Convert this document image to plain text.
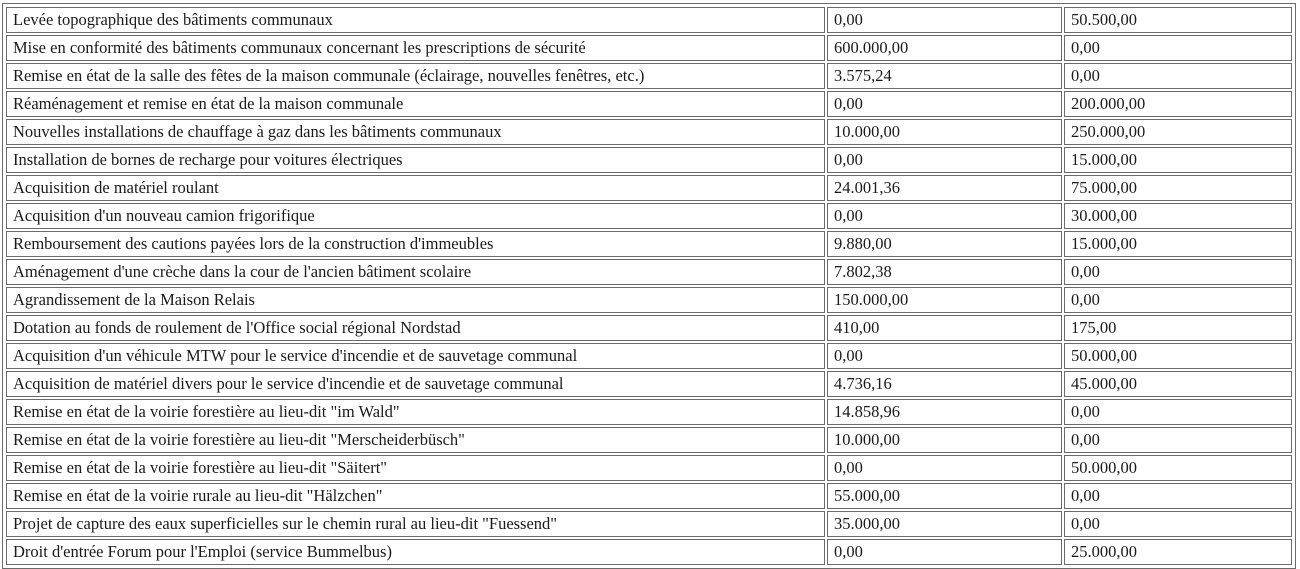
Levée topographique des bâtiments communaux	0,00	50.500,00
Mise en conformité des bâtiments communaux concernant les prescriptions de sécurité	600.000,00	0,00
Remise en état de la salle des fêtes de la maison communale (éclairage, nouvelles fenêtres, etc.)	3.575,24	0,00
Réaménagement et remise en état de la maison communale	0,00	200.000,00
Nouvelles installations de chauffage à gaz dans les bâtiments communaux	10.000,00	250.000,00
Installation de bornes de recharge pour voitures électriques	0,00	15.000,00
Acquisition de matériel roulant	24.001,36	75.000,00
Acquisition d'un nouveau camion frigorifique	0,00	30.000,00
Remboursement des cautions payées lors de la construction d'immeubles	9.880,00	15.000,00
Aménagement d'une crèche dans la cour de l'ancien bâtiment scolaire	7.802,38	0,00
Agrandissement de la Maison Relais	150.000,00	0,00
Dotation au fonds de roulement de l'Office social régional Nordstad	410,00	175,00
Acquisition d'un véhicule MTW pour le service d'incendie et de sauvetage communal	0,00	50.000,00
Acquisition de matériel divers pour le service d'incendie et de sauvetage communal	4.736,16	45.000,00
Remise en état de la voirie forestière au lieu-dit "im Wald"	14.858,96	0,00
Remise en état de la voirie forestière au lieu-dit "Merscheiderbüsch"	10.000,00	0,00
Remise en état de la voirie forestière au lieu-dit "Säitert"	0,00	50.000,00
Remise en état de la voirie rurale au lieu-dit "Hälzchen"	55.000,00	0,00
Projet de capture des eaux superficielles sur le chemin rural au lieu-dit "Fuessend"	35.000,00	0,00
Droit d'entrée Forum pour l'Emploi (service Bummelbus)	0,00	25.000,00
